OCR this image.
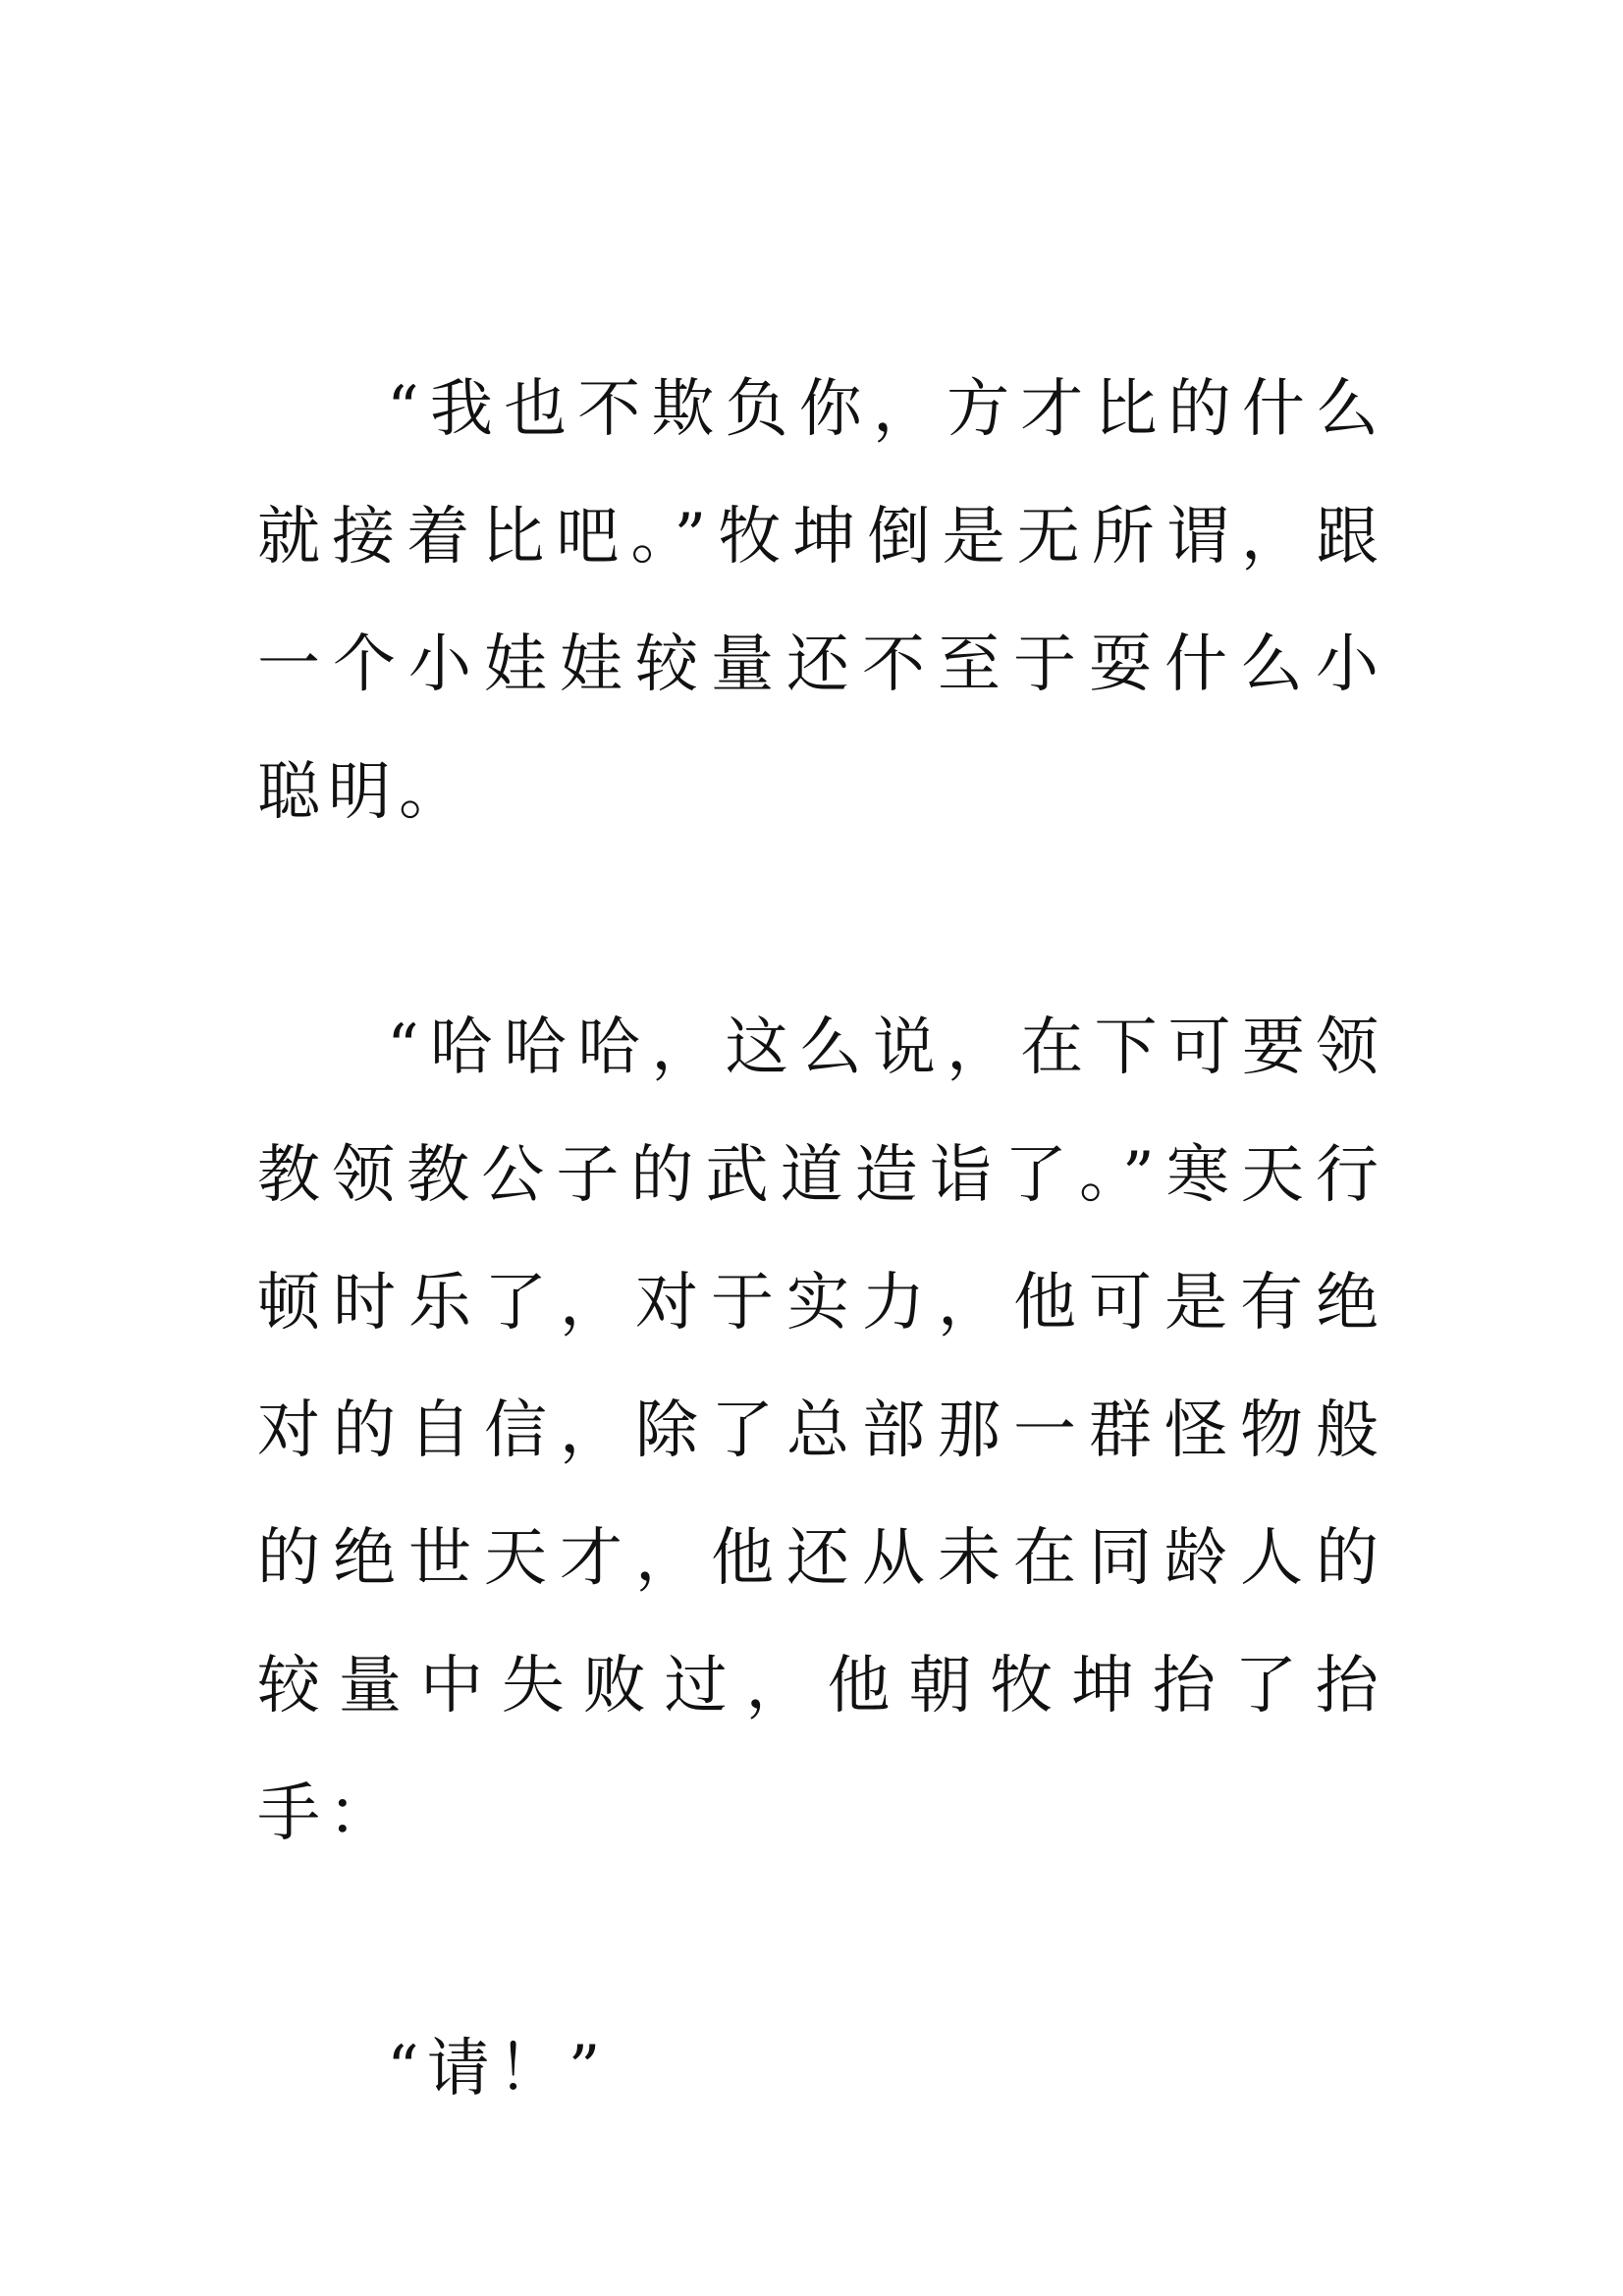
“我也不欺负你，方才比的什么就接着比吧。”牧坤倒是无所谓，跟一个小娃娃较量还不至于耍什么小聪明。

“哈哈哈，这么说，在下可要领教领教公子的武道造诣了。”寒天行顿时乐了，对于实力，他可是有绝对的自信，除了总部那一群怪物般的绝世天才，他还从未在同龄人的较量中失败过，他朝牧坤抬了抬手：

“请！”
